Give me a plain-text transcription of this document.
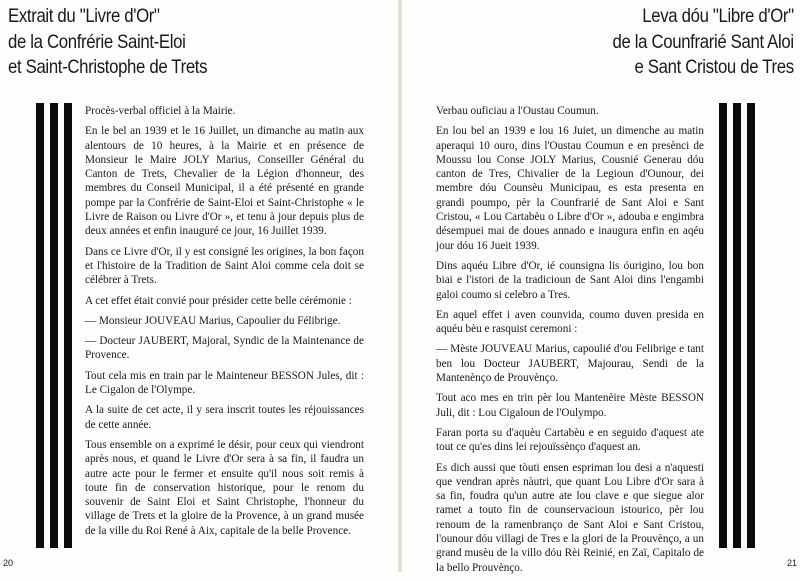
Extrait du "Livre d'Or"
de la Confrérie Saint-Eloi
et Saint-Christophe de Trets

Procès-verbal officiel à la Mairie.

En le bel an 1939 et le 16 Juillet, un dimanche au matin aux alentours de 10 heures, à la Mairie et en présence de Monsieur le Maire JOLY Marius, Conseiller Général du Canton de Trets, Chevalier de la Légion d'honneur, des membres du Conseil Municipal, il a été présenté en grande pompe par la Confrérie de Saint-Eloi et Saint-Christophe « le Livre de Raison ou Livre d'Or », et tenu à jour depuis plus de deux années et enfin inauguré ce jour, 16 Juillet 1939.

Dans ce Livre d'Or, il y est consigné les origines, la bon façon et l'histoire de la Tradition de Saint Aloi comme cela doit se célébrer à Trets.

A cet effet était convié pour présider cette belle cérémonie :

— Monsieur JOUVEAU Marius, Capoulier du Félibrige.

— Docteur JAUBERT, Majoral, Syndic de la Maintenance de Provence.

Tout cela mis en train par le Mainteneur BESSON Jules, dit : Le Cigalon de l'Olympe.

A la suite de cet acte, il y sera inscrit toutes les réjouissances de cette année.

Tous ensemble on a exprimé le désir, pour ceux qui viendront après nous, et quand le Livre d'Or sera à sa fin, il faudra un autre acte pour le fermer et ensuite qu'il nous soit remis à toute fin de conservation historique, pour le renom du souvenir de Saint Eloi et Saint Christophe, l'honneur du village de Trets et la gloire de la Provence, à un grand musée de la ville du Roi René à Aix, capitale de la belle Provence.

20
Leva dóu "Libre d'Or"
de la Counfrarié Sant Aloi
e Sant Cristou de Tres

Verbau ouficiau a l'Oustau Coumun.

En lou bel an 1939 e lou 16 Juiet, un dimenche au matin aperaqui 10 ouro, dins l'Oustau Coumun e en presènci de Moussu lou Conse JOLY Marius, Cousnié Generau dóu canton de Tres, Chivalier de la Legioun d'Ounour, dei membre dóu Counsèu Municipau, es esta presenta en grandi poumpo, pèr la Counfrarié de Sant Aloi e Sant Cristou, « Lou Cartabèu o Libre d'Or », adouba e engimbra désempuei mai de doues annado e inaugura enfin en aqéu jour dóu 16 Jueit 1939.

Dins aquéu Libre d'Or, ié counsigna lis óurigino, lou bon biai e l'istori de la tradicioun de Sant Aloi dins l'engambi galoi coumo si celebro a Tres.

En aquel effet i aven counvida, coumo duven presida en aquéu bèu e rasquist ceremoni :

— Mèste JOUVEAU Marius, capoulié d'ou Felibrige e tant ben lou Docteur JAUBERT, Majourau, Sendi de la Mantenènço de Prouvènço.

Tout aco mes en trin pèr lou Mantenèire Mèste BESSON Juli, dit : Lou Cigaloun de l'Oulympo.

Faran porta su d'aquèu Cartabèu e en seguido d'aquest ate tout ce qu'es dins lei rejouïssènço d'aquest an.

Es dich aussi que tòuti ensen espriman lou desi a n'aquesti que vendran après nàutri, que quant Lou Libre d'Or sara à sa fin, foudra qu'un autre ate lou clave e que siegue alor ramet a touto fin de counservacioun istourico, pèr lou renoum de la ramenbranço de Sant Aloi e Sant Cristou, l'ounour dóu villagi de Tres e la glori de la Prouvènço, a un grand musèu de la villo dóu Rèi Reinié, en Zaï, Capitalo de la bello Prouvènço.	21
